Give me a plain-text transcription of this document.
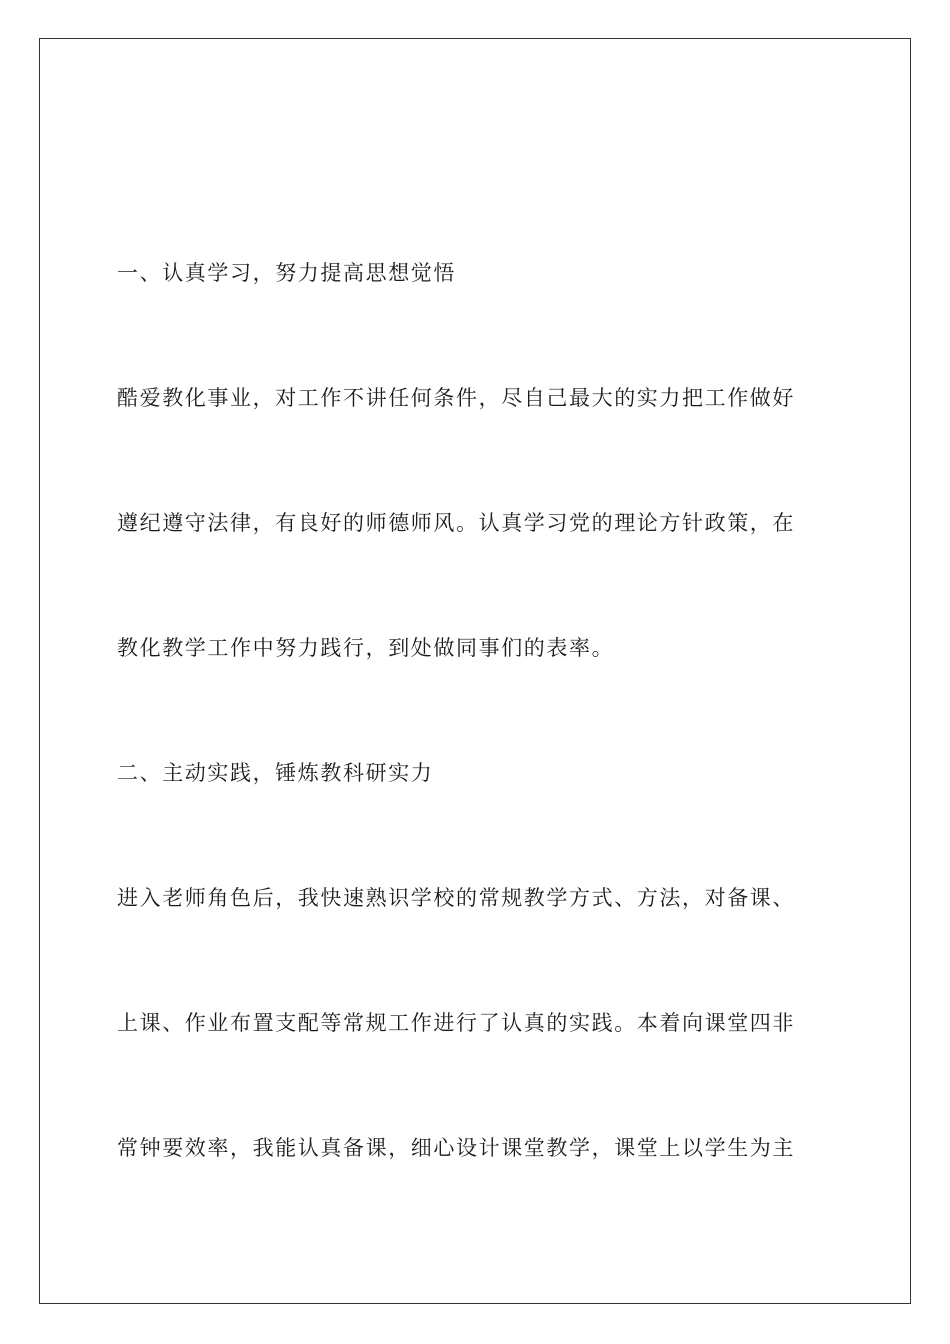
一、认真学习，努力提高思想觉悟
酷爱教化事业，对工作不讲任何条件，尽自己最大的实力把工作做好
遵纪遵守法律，有良好的师德师风。认真学习党的理论方针政策，在
教化教学工作中努力践行，到处做同事们的表率。
二、主动实践，锤炼教科研实力
进入老师角色后，我快速熟识学校的常规教学方式、方法，对备课、
上课、作业布置支配等常规工作进行了认真的实践。本着向课堂四非
常钟要效率，我能认真备课，细心设计课堂教学，课堂上以学生为主
